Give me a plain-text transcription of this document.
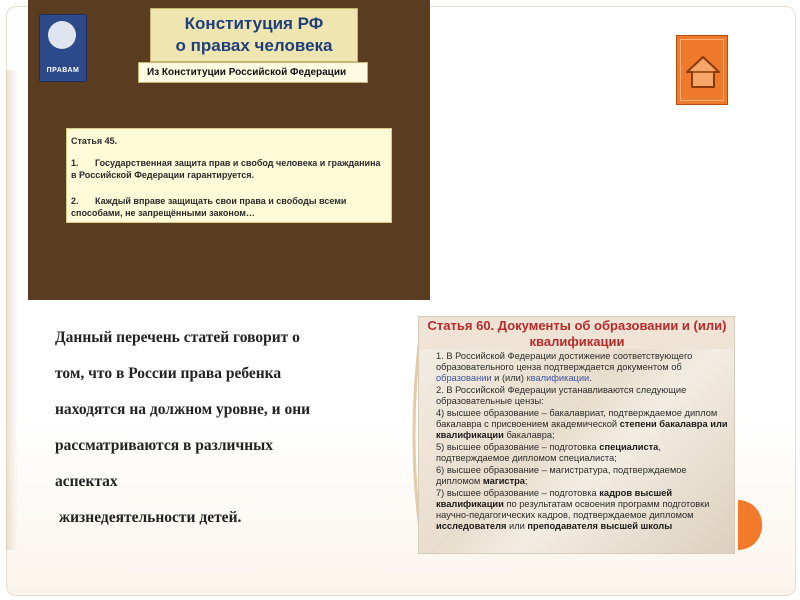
ПРАВАМ
Конституция РФ
о правах человека
Из Конституции Российской Федерации
Статья 45.
1. Государственная защита прав и свобод человека и гражданина в Российской Федерации гарантируется.
2. Каждый вправе защищать свои права и свободы всеми способами, не запрещёнными законом…

Данный перечень статей говорит о

том, что в России права ребенка

находятся на должном уровне, и они

рассматриваются в различных

аспектах

жизнедеятельности детей.

Статья 60. Документы об образовании и (или) квалификации
1. В Российской Федерации достижение соответствующего образовательного ценза подтверждается документом об образовании и (или) квалификации.
2. В Российской Федерации устанавливаются следующие образовательные цензы:
4) высшее образование – бакалавриат, подтверждаемое диплом бакалавра с присвоением академической степени бакалавра или квалификации бакалавра;
5) высшее образование – подготовка специалиста, подтверждаемое дипломом специалиста;
6) высшее образование – магистратура, подтверждаемое дипломом магистра;
7) высшее образование – подготовка кадров высшей квалификации по результатам освоения программ подготовки научно-педагогических кадров, подтверждаемое дипломом исследователя или преподавателя высшей школы
